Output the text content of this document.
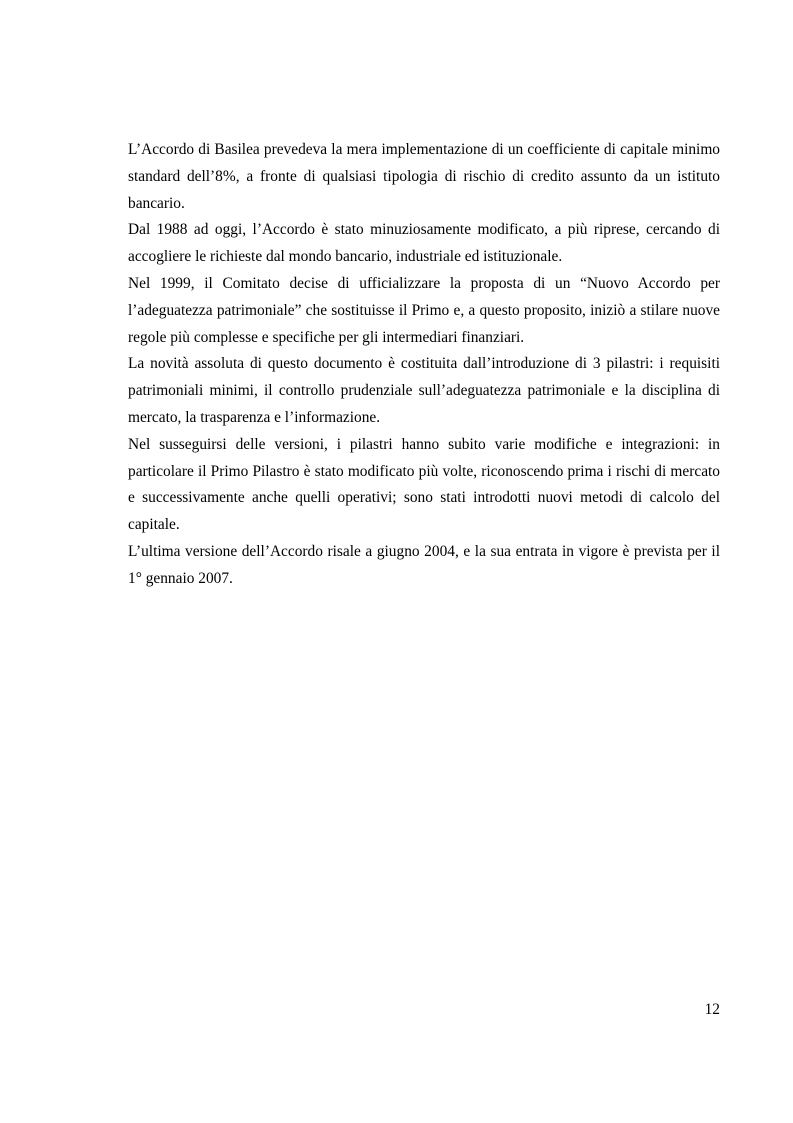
L’Accordo di Basilea prevedeva la mera implementazione di un coefficiente di capitale minimo standard dell’8%, a fronte di qualsiasi tipologia di rischio di credito assunto da un istituto bancario.

Dal 1988 ad oggi, l’Accordo è stato minuziosamente modificato, a più riprese, cercando di accogliere le richieste dal mondo bancario, industriale ed istituzionale.

Nel 1999, il Comitato decise di ufficializzare la proposta di un “Nuovo Accordo per l’adeguatezza patrimoniale” che sostituisse il Primo e, a questo proposito, iniziò a stilare nuove regole più complesse e specifiche per gli intermediari finanziari.

La novità assoluta di questo documento è costituita dall’introduzione di 3 pilastri: i requisiti patrimoniali minimi, il controllo prudenziale sull’adeguatezza patrimoniale e la disciplina di mercato, la trasparenza e l’informazione.

Nel susseguirsi delle versioni, i pilastri hanno subito varie modifiche e integrazioni: in particolare il Primo Pilastro è stato modificato più volte, riconoscendo prima i rischi di mercato e successivamente anche quelli operativi; sono stati introdotti nuovi metodi di calcolo del capitale.

L’ultima versione dell’Accordo risale a giugno 2004, e la sua entrata in vigore è prevista per il 1° gennaio 2007.

12
